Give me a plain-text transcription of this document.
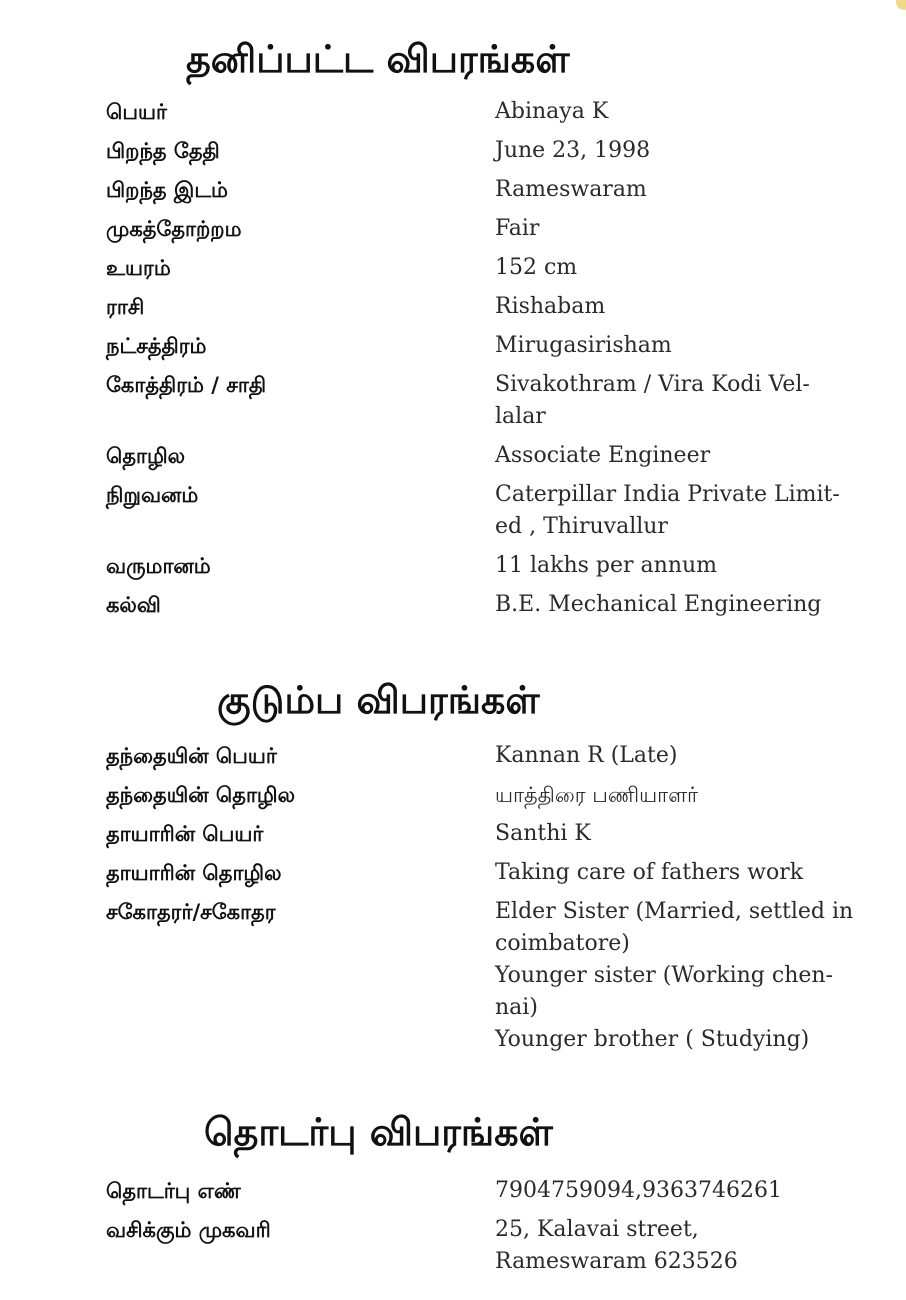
தனிப்பட்ட விபரங்கள்
பெயர்	Abinaya K
பிறந்த தேதி	June 23, 1998
பிறந்த இடம்	Rameswaram
முகத்தோற்றம	Fair
உயரம்	152 cm
ராசி	Rishabam
நட்சத்திரம்	Mirugasirisham
கோத்திரம் / சாதி	Sivakothram / Vira Kodi Vel-
lalar
தொழில	Associate Engineer
நிறுவனம்	Caterpillar India Private Limit-
ed , Thiruvallur
வருமானம்	11 lakhs per annum
கல்வி	B.E. Mechanical Engineering
குடும்ப விபரங்கள்
தந்தையின் பெயர்	Kannan R (Late)
தந்தையின் தொழில	யாத்திரை பணியாளர்
தாயாரின் பெயர்	Santhi K
தாயாரின் தொழில	Taking care of fathers work
சகோதரர்/சகோதர	Elder Sister (Married, settled in
coimbatore)
Younger sister (Working chen-
nai)
Younger brother ( Studying)
தொடர்பு விபரங்கள்
தொடர்பு எண்	7904759094,9363746261
வசிக்கும் முகவரி	25, Kalavai street,
Rameswaram 623526
